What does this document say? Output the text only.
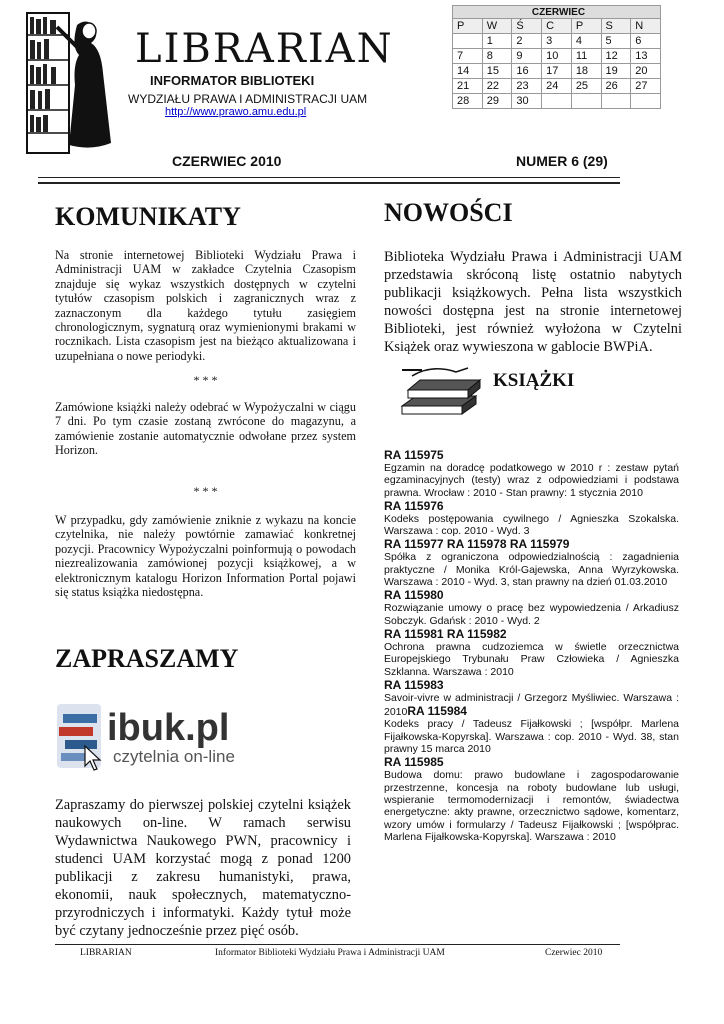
LIBRARIAN
INFORMATOR BIBLIOTEKI
WYDZIAŁU PRAWA I ADMINISTRACJI UAM
http://www.prawo.amu.edu.pl
CZERWIEC						
P	W	Ś	C	P	S	N
	1	2	3	4	5	6
7	8	9	10	11	12	13
14	15	16	17	18	19	20
21	22	23	24	25	26	27
28	29	30				
CZERWIEC 2010	NUMER 6 (29)
KOMUNIKATY

Na stronie internetowej Biblioteki Wydziału Prawa i Administracji UAM w zakładce Czytelnia Czasopism znajduje się wykaz wszystkich dostępnych w czytelni tytułów czasopism polskich i zagranicznych wraz z zaznaczonym dla każdego tytułu zasięgiem chronologicznym, sygnaturą oraz wymienionymi brakami w rocznikach. Lista czasopism jest na bieżąco aktualizowana i uzupełniana o nowe periodyki.

* * *

Zamówione książki należy odebrać w Wypożyczalni w ciągu 7 dni. Po tym czasie zostaną zwrócone do magazynu, a zamówienie zostanie automatycznie odwołane przez system Horizon.

* * *

W przypadku, gdy zamówienie zniknie z wykazu na koncie czytelnika, nie należy powtórnie zamawiać konkretnej pozycji. Pracownicy Wypożyczalni poinformują o powodach niezrealizowania zamówionej pozycji książkowej, a w elektronicznym katalogu Horizon Information Portal pojawi się status książka niedostępna.

NOWOŚCI

Biblioteka Wydziału Prawa i Administracji UAM przedstawia skróconą listę ostatnio nabytych publikacji książkowych. Pełna lista wszystkich nowości dostępna jest na stronie internetowej Biblioteki, jest również wyłożona w Czytelni Książek oraz wywieszona w gablocie BWPiA.

KSIĄŻKI
RA 115975
Egzamin na doradcę podatkowego w 2010 r : zestaw pytań egzaminacyjnych (testy) wraz z odpowiedziami i podstawa prawna. Wrocław : 2010 - Stan prawny: 1 stycznia 2010
RA 115976
Kodeks postępowania cywilnego / Agnieszka Szokalska. Warszawa : cop. 2010 - Wyd. 3
RA 115977 RA 115978 RA 115979
Spółka z ograniczona odpowiedzialnością : zagadnienia praktyczne / Monika Król-Gajewska, Anna Wyrzykowska. Warszawa : 2010 - Wyd. 3, stan prawny na dzień 01.03.2010
RA 115980
Rozwiązanie umowy o pracę bez wypowiedzenia / Arkadiusz Sobczyk. Gdańsk : 2010 - Wyd. 2
RA 115981 RA 115982
Ochrona prawna cudzoziemca w świetle orzecznictwa Europejskiego Trybunału Praw Człowieka / Agnieszka Szklanna. Warszawa : 2010
RA 115983
Savoir-vivre w administracji / Grzegorz Myśliwiec. Warszawa : 2010RA 115984
Kodeks pracy / Tadeusz Fijałkowski ; [współpr. Marlena Fijałkowska-Kopyrska]. Warszawa : cop. 2010 - Wyd. 38, stan prawny 15 marca 2010
RA 115985
Budowa domu: prawo budowlane i zagospodarowanie przestrzenne, koncesja na roboty budowlane lub usługi, wspieranie termomodernizacji i remontów, świadectwa energetyczne: akty prawne, orzecznictwo sądowe, komentarz, wzory umów i formularzy / Tadeusz Fijałkowski ; [współprac. Marlena Fijałkowska-Kopyrska]. Warszawa : 2010
ZAPRASZAMY
ibuk.pl
czytelnia on-line

Zapraszamy do pierwszej polskiej czytelni książek naukowych on-line. W ramach serwisu Wydawnictwa Naukowego PWN, pracownicy i studenci UAM korzystać mogą z ponad 1200 publikacji z zakresu humanistyki, prawa, ekonomii, nauk społecznych, matematyczno-przyrodniczych i informatyki. Każdy tytuł może być czytany jednocześnie przez pięć osób.

LIBRARIAN	Informator Biblioteki Wydziału Prawa i Administracji UAM	Czerwiec 2010
